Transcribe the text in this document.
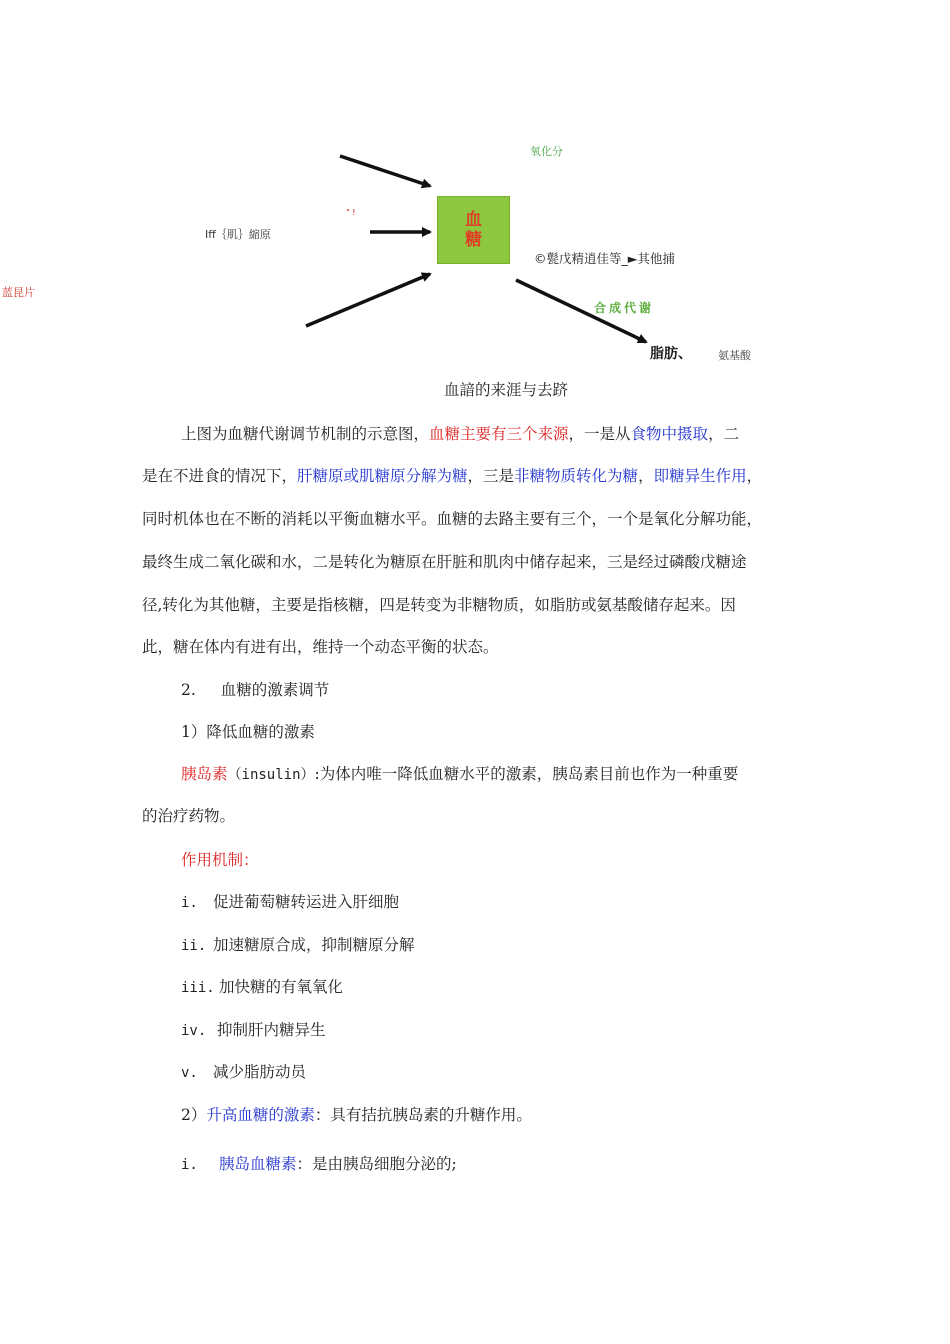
血
糖
氧化分
Iff｛肌｝縮原
" !
蓝昆片
©甏戊精逍佳等_►其他捕
合成代谢
脂肪、 氨基酸
血諳的来涯与去跻
上图为血糖代谢调节机制的示意图，血糖主要有三个来源，一是从食物中摄取，二
是在不进食的情况下，肝糖原或肌糖原分解为糖，三是非糖物质转化为糖，即糖异生作用，
同时机体也在不断的消耗以平衡血糖水平。血糖的去路主要有三个，一个是氧化分解功能，
最终生成二氧化碳和水，二是转化为糖原在肝脏和肌肉中储存起来，三是经过磷酸戊糖途
径,转化为其他糖，主要是指核糖，四是转变为非糖物质，如脂肪或氨基酸储存起来。因
此，糖在体内有进有出，维持一个动态平衡的状态。
2. 血糖的激素调节
1）降低血糖的激素
胰岛素（insulin）:为体内唯一降低血糖水平的激素，胰岛素目前也作为一种重要
的治疗药物。
作用机制：
i. 促进葡萄糖转运进入肝细胞
ii. 加速糖原合成，抑制糖原分解
iii. 加快糖的有氧氧化
iv. 抑制肝内糖异生
v. 减少脂肪动员
2）升高血糖的激素：具有拮抗胰岛素的升糖作用。
i. 胰岛血糖素：是由胰岛细胞分泌的;
